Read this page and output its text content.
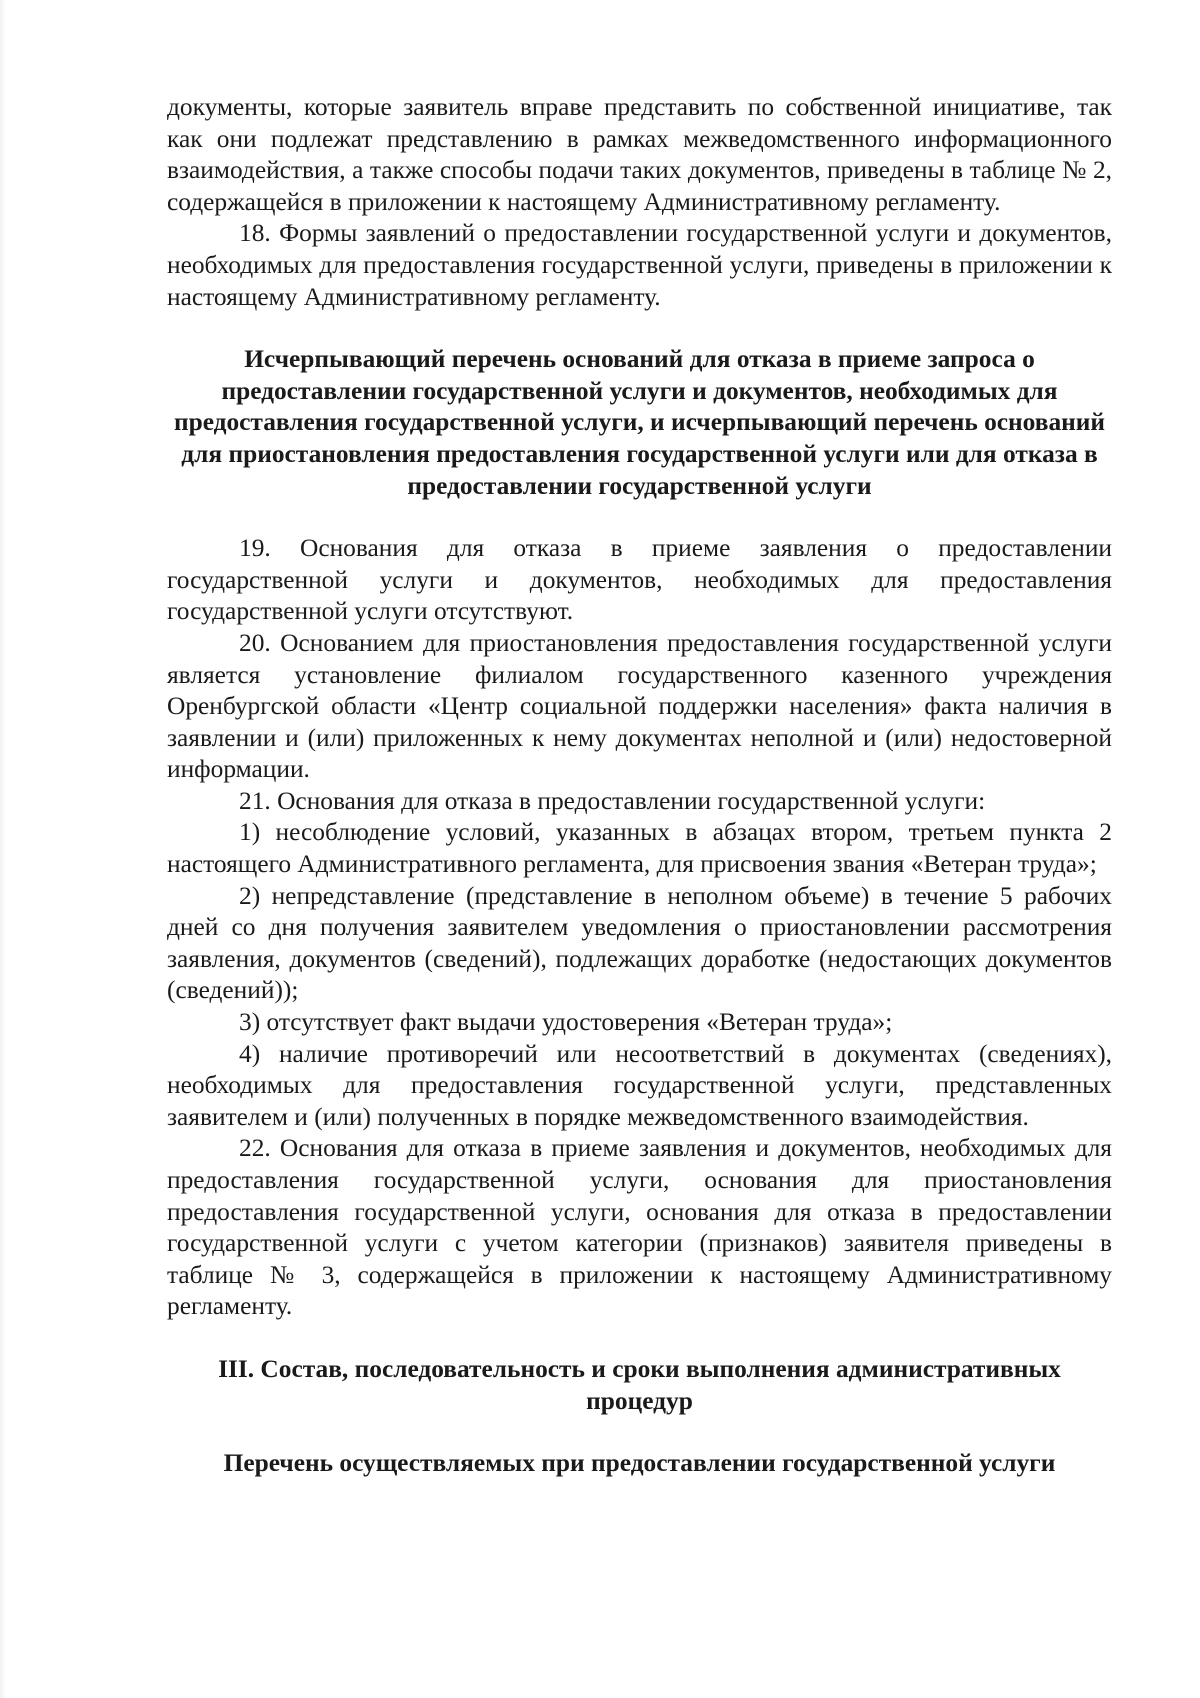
документы, которые заявитель вправе представить по собственной инициативе, так как они подлежат представлению в рамках межведомственного информационного взаимодействия, а также способы подачи таких документов, приведены в таблице № 2, содержащейся в приложении к настоящему Административному регламенту.

18. Формы заявлений о предоставлении государственной услуги и документов, необходимых для предоставления государственной услуги, приведены в приложении к настоящему Административному регламенту.

Исчерпывающий перечень оснований для отказа в приеме запроса о предоставлении государственной услуги и документов, необходимых для предоставления государственной услуги, и исчерпывающий перечень оснований для приостановления предоставления государственной услуги или для отказа в предоставлении государственной услуги

19. Основания для отказа в приеме заявления о предоставлении государственной услуги и документов, необходимых для предоставления государственной услуги отсутствуют.

20. Основанием для приостановления предоставления государственной услуги является установление филиалом государственного казенного учреждения Оренбургской области «Центр социальной поддержки населения» факта наличия в заявлении и (или) приложенных к нему документах неполной и (или) недостоверной информации.

21. Основания для отказа в предоставлении государственной услуги:

1) несоблюдение условий, указанных в абзацах втором, третьем пункта 2 настоящего Административного регламента, для присвоения звания «Ветеран труда»;

2) непредставление (представление в неполном объеме) в течение 5 рабочих дней со дня получения заявителем уведомления о приостановлении рассмотрения заявления, документов (сведений), подлежащих доработке (недостающих документов (сведений));

3) отсутствует факт выдачи удостоверения «Ветеран труда»;

4) наличие противоречий или несоответствий в документах (сведениях), необходимых для предоставления государственной услуги, представленных заявителем и (или) полученных в порядке межведомственного взаимодействия.

22. Основания для отказа в приеме заявления и документов, необходимых для предоставления государственной услуги, основания для приостановления предоставления государственной услуги, основания для отказа в предоставлении государственной услуги с учетом категории (признаков) заявителя приведены в таблице № 3, содержащейся в приложении к настоящему Административному регламенту.

III. Состав, последовательность и сроки выполнения административных процедур

Перечень осуществляемых при предоставлении государственной услуги
